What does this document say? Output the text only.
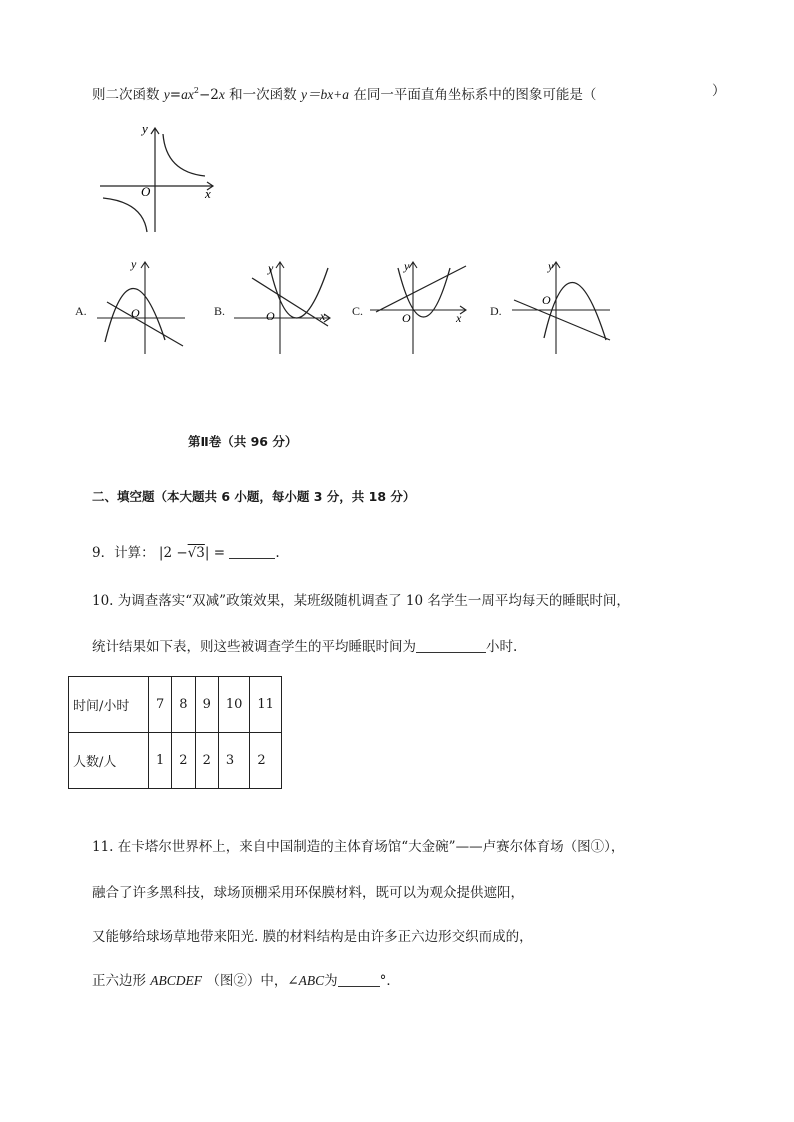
则二次函数 $y=ax^2-2x$ 和一次函数 y＝bx+a 在同一平面直角坐标系中的图象可能是（	）
y
x
O
A.
y
O	B.
y
O	x C.
y
O	x D.
y
O
第Ⅱ卷（共 96 分）
二、填空题（本大题共 6 小题，每小题 3 分，共 18 分）
9．计算： |2 −√3| =	.
10. 为调查落实“双减”政策效果，某班级随机调查了 10 名学生一周平均每天的睡眠时间，
统计结果如下表，则这些被调查学生的平均睡眠时间为	小时.
时间/小时	7	8	9	10	11
人数/人	1	2	2	3	2
11. 在卡塔尔世界杯上，来自中国制造的主体育场馆“大金碗”——卢赛尔体育场（图①），
融合了许多黑科技，球场顶棚采用环保膜材料，既可以为观众提供遮阳，
又能够给球场草地带来阳光. 膜的材料结构是由许多正六边形交织而成的，
正六边形 ABCDEF （图②）中，∠ABC为	°．
